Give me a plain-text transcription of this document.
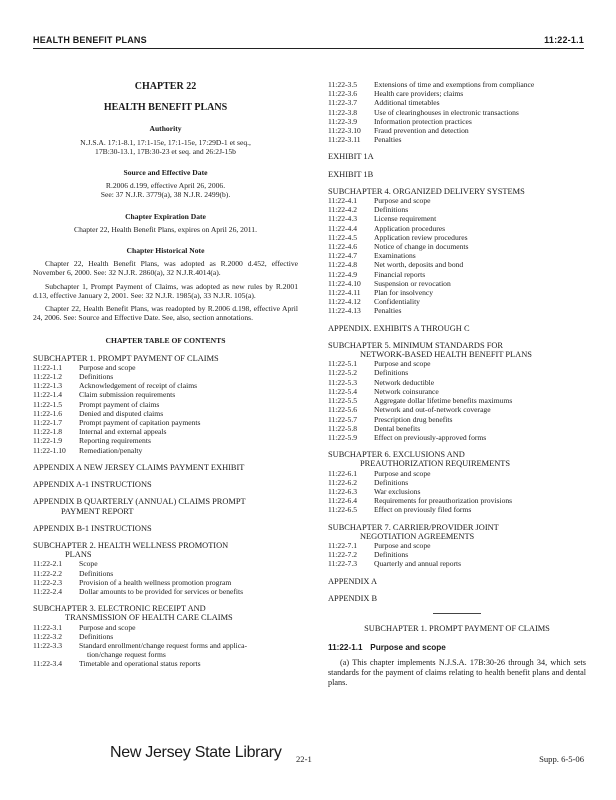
HEALTH BENEFIT PLANS	11:22-1.1
CHAPTER 22
HEALTH BENEFIT PLANS
Authority
N.J.S.A. 17:1-8.1, 17:1-15e, 17:1-15e, 17:29D-1 et seq.,
17B:30-13.1, 17B:30-23 et seq. and 26:2J-15b
Source and Effective Date
R.2006 d.199, effective April 26, 2006.
See: 37 N.J.R. 3779(a), 38 N.J.R. 2499(b).
Chapter Expiration Date
Chapter 22, Health Benefit Plans, expires on April 26, 2011.
Chapter Historical Note

Chapter 22, Health Benefit Plans, was adopted as R.2000 d.452, effective November 6, 2000. See: 32 N.J.R. 2860(a), 32 N.J.R.4014(a).

Subchapter 1, Prompt Payment of Claims, was adopted as new rules by R.2001 d.13, effective January 2, 2001. See: 32 N.J.R. 1985(a), 33 N.J.R. 105(a).

Chapter 22, Health Benefit Plans, was readopted by R.2006 d.198, effective April 24, 2006. See: Source and Effective Date. See, also, section annotations.

CHAPTER TABLE OF CONTENTS
SUBCHAPTER 1. PROMPT PAYMENT OF CLAIMS
11:22-1.1	Purpose and scope
11:22-1.2	Definitions
11:22-1.3	Acknowledgement of receipt of claims
11:22-1.4	Claim submission requirements
11:22-1.5	Prompt payment of claims
11:22-1.6	Denied and disputed claims
11:22-1.7	Prompt payment of capitation payments
11:22-1.8	Internal and external appeals
11:22-1.9	Reporting requirements
11:22-1.10	Remediation/penalty
APPENDIX A NEW JERSEY CLAIMS PAYMENT EXHIBIT
APPENDIX A-1 INSTRUCTIONS
APPENDIX B QUARTERLY (ANNUAL) CLAIMS PROMPT
PAYMENT REPORT
APPENDIX B-1 INSTRUCTIONS
SUBCHAPTER 2. HEALTH WELLNESS PROMOTION
PLANS
11:22-2.1	Scope
11:22-2.2	Definitions
11:22-2.3	Provision of a health wellness promotion program
11:22-2.4	Dollar amounts to be provided for services or benefits
SUBCHAPTER 3. ELECTRONIC RECEIPT AND
TRANSMISSION OF HEALTH CARE CLAIMS
11:22-3.1	Purpose and scope
11:22-3.2	Definitions
11:22-3.3	Standard enrollment/change request forms and applica-
tion/change request forms
11:22-3.4	Timetable and operational status reports
11:22-3.5	Extensions of time and exemptions from compliance
11:22-3.6	Health care providers; claims
11:22-3.7	Additional timetables
11:22-3.8	Use of clearinghouses in electronic transactions
11:22-3.9	Information protection practices
11:22-3.10	Fraud prevention and detection
11:22-3.11	Penalties
EXHIBIT 1A
EXHIBIT 1B
SUBCHAPTER 4. ORGANIZED DELIVERY SYSTEMS
11:22-4.1	Purpose and scope
11:22-4.2	Definitions
11:22-4.3	License requirement
11:22-4.4	Application procedures
11:22-4.5	Application review procedures
11:22-4.6	Notice of change in documents
11:22-4.7	Examinations
11:22-4.8	Net worth, deposits and bond
11:22-4.9	Financial reports
11:22-4.10	Suspension or revocation
11:22-4.11	Plan for insolvency
11:22-4.12	Confidentiality
11:22-4.13	Penalties
APPENDIX. EXHIBITS A THROUGH C
SUBCHAPTER 5. MINIMUM STANDARDS FOR
NETWORK-BASED HEALTH BENEFIT PLANS
11:22-5.1	Purpose and scope
11:22-5.2	Definitions
11:22-5.3	Network deductible
11:22-5.4	Network coinsurance
11:22-5.5	Aggregate dollar lifetime benefits maximums
11:22-5.6	Network and out-of-network coverage
11:22-5.7	Prescription drug benefits
11:22-5.8	Dental benefits
11:22-5.9	Effect on previously-approved forms
SUBCHAPTER 6. EXCLUSIONS AND
PREAUTHORIZATION REQUIREMENTS
11:22-6.1	Purpose and scope
11:22-6.2	Definitions
11:22-6.3	War exclusions
11:22-6.4	Requirements for preauthorization provisions
11:22-6.5	Effect on previously filed forms
SUBCHAPTER 7. CARRIER/PROVIDER JOINT
NEGOTIATION AGREEMENTS
11:22-7.1	Purpose and scope
11:22-7.2	Definitions
11:22-7.3	Quarterly and annual reports
APPENDIX A
APPENDIX B
SUBCHAPTER 1. PROMPT PAYMENT OF CLAIMS
11:22-1.1 Purpose and scope

(a) This chapter implements N.J.S.A. 17B:30-26 through 34, which sets standards for the payment of claims relating to health benefit plans and dental plans.

New Jersey State Library 22-1	Supp. 6-5-06
